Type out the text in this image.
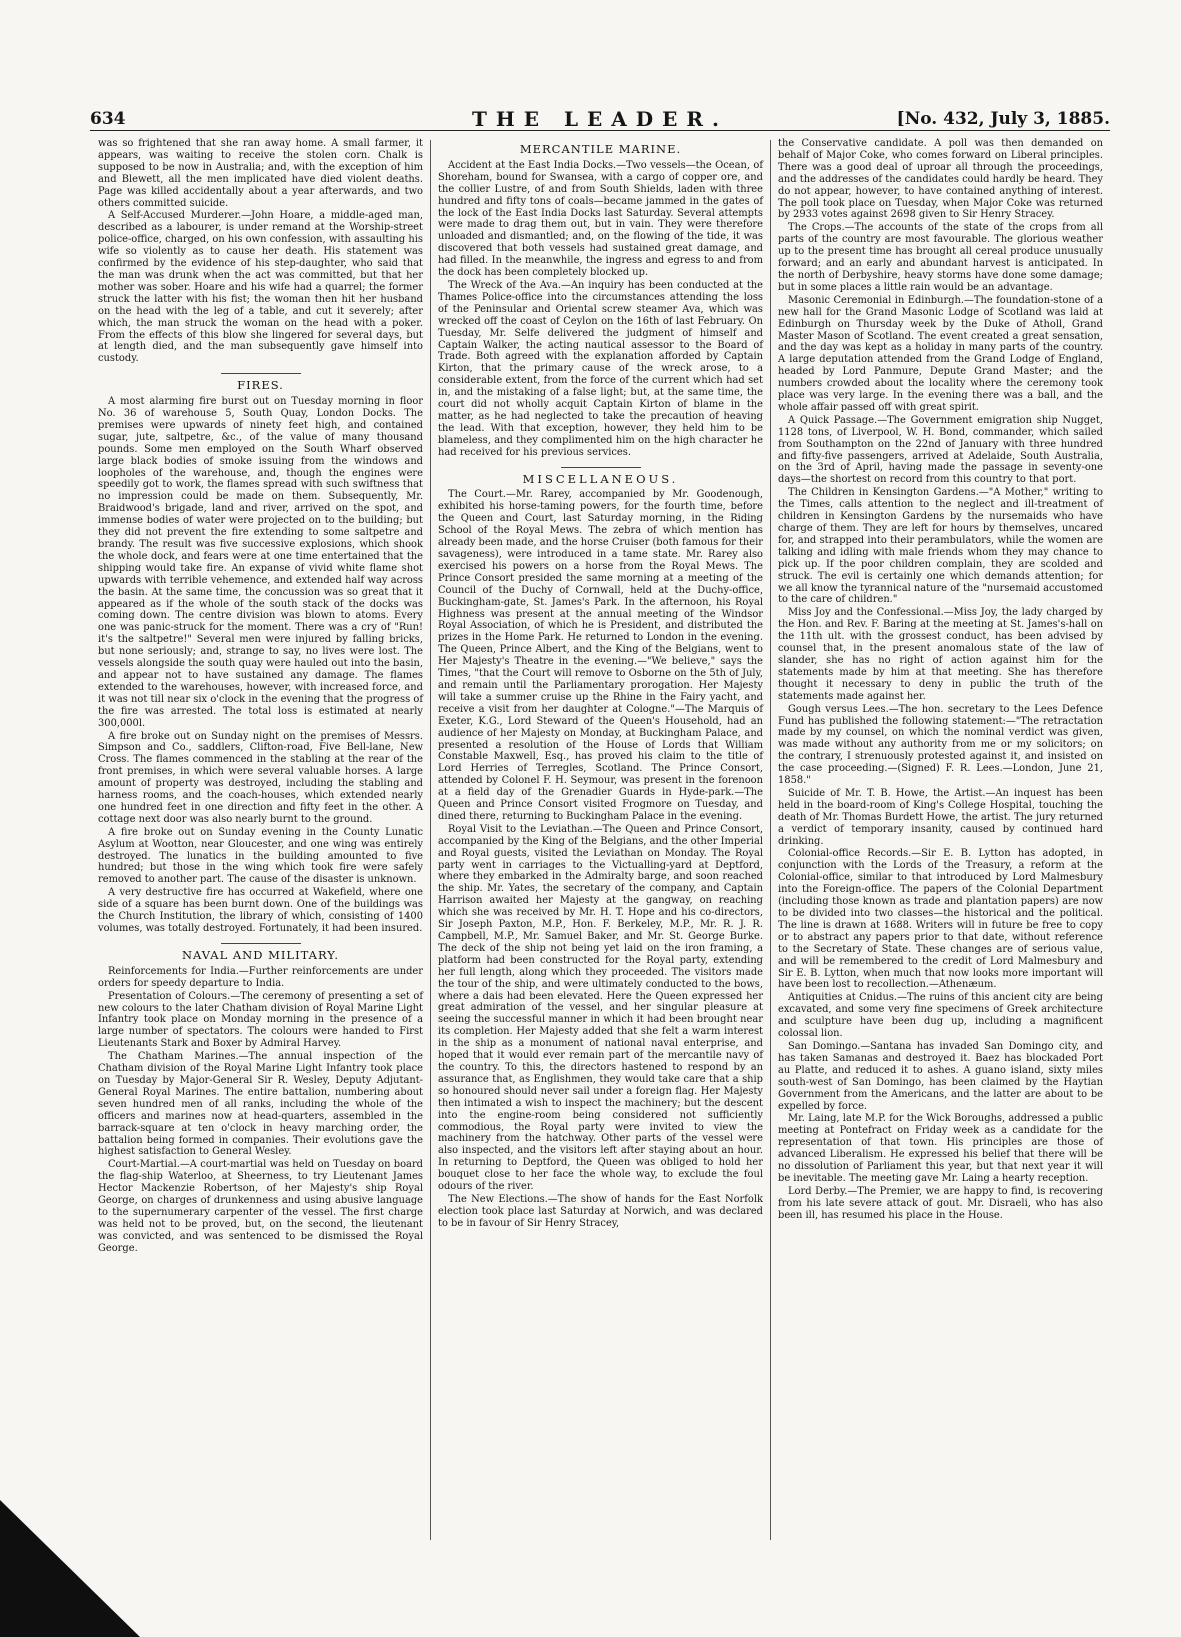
634	THE LEADER.	[No. 432, July 3, 1885.

was so frightened that she ran away home. A small farmer, it appears, was waiting to receive the stolen corn. Chalk is supposed to be now in Australia; and, with the exception of him and Blewett, all the men implicated have died violent deaths. Page was killed accidentally about a year afterwards, and two others committed suicide.

A Self-Accused Murderer.—John Hoare, a middle-aged man, described as a labourer, is under remand at the Worship-street police-office, charged, on his own confession, with assaulting his wife so violently as to cause her death. His statement was confirmed by the evidence of his step-daughter, who said that the man was drunk when the act was committed, but that her mother was sober. Hoare and his wife had a quarrel; the former struck the latter with his fist; the woman then hit her husband on the head with the leg of a table, and cut it severely; after which, the man struck the woman on the head with a poker. From the effects of this blow she lingered for several days, but at length died, and the man subsequently gave himself into custody.

FIRES.

A most alarming fire burst out on Tuesday morning in floor No. 36 of warehouse 5, South Quay, London Docks. The premises were upwards of ninety feet high, and contained sugar, jute, saltpetre, &c., of the value of many thousand pounds. Some men employed on the South Wharf observed large black bodies of smoke issuing from the windows and loopholes of the warehouse, and, though the engines were speedily got to work, the flames spread with such swiftness that no impression could be made on them. Subsequently, Mr. Braidwood's brigade, land and river, arrived on the spot, and immense bodies of water were projected on to the building; but they did not prevent the fire extending to some saltpetre and brandy. The result was five successive explosions, which shook the whole dock, and fears were at one time entertained that the shipping would take fire. An expanse of vivid white flame shot upwards with terrible vehemence, and extended half way across the basin. At the same time, the concussion was so great that it appeared as if the whole of the south stack of the docks was coming down. The centre division was blown to atoms. Every one was panic-struck for the moment. There was a cry of "Run! it's the saltpetre!" Several men were injured by falling bricks, but none seriously; and, strange to say, no lives were lost. The vessels alongside the south quay were hauled out into the basin, and appear not to have sustained any damage. The flames extended to the warehouses, however, with increased force, and it was not till near six o'clock in the evening that the progress of the fire was arrested. The total loss is estimated at nearly 300,000l.

A fire broke out on Sunday night on the premises of Messrs. Simpson and Co., saddlers, Clifton-road, Five Bell-lane, New Cross. The flames commenced in the stabling at the rear of the front premises, in which were several valuable horses. A large amount of property was destroyed, including the stabling and harness rooms, and the coach-houses, which extended nearly one hundred feet in one direction and fifty feet in the other. A cottage next door was also nearly burnt to the ground.

A fire broke out on Sunday evening in the County Lunatic Asylum at Wootton, near Gloucester, and one wing was entirely destroyed. The lunatics in the building amounted to five hundred; but those in the wing which took fire were safely removed to another part. The cause of the disaster is unknown.

A very destructive fire has occurred at Wakefield, where one side of a square has been burnt down. One of the buildings was the Church Institution, the library of which, consisting of 1400 volumes, was totally destroyed. Fortunately, it had been insured.

NAVAL AND MILITARY.

Reinforcements for India.—Further reinforcements are under orders for speedy departure to India.

Presentation of Colours.—The ceremony of presenting a set of new colours to the later Chatham division of Royal Marine Light Infantry took place on Monday morning in the presence of a large number of spectators. The colours were handed to First Lieutenants Stark and Boxer by Admiral Harvey.

The Chatham Marines.—The annual inspection of the Chatham division of the Royal Marine Light Infantry took place on Tuesday by Major-General Sir R. Wesley, Deputy Adjutant-General Royal Marines. The entire battalion, numbering about seven hundred men of all ranks, including the whole of the officers and marines now at head-quarters, assembled in the barrack-square at ten o'clock in heavy marching order, the battalion being formed in companies. Their evolutions gave the highest satisfaction to General Wesley.

Court-Martial.—A court-martial was held on Tuesday on board the flag-ship Waterloo, at Sheerness, to try Lieutenant James Hector Mackenzie Robertson, of her Majesty's ship Royal George, on charges of drunkenness and using abusive language to the supernumerary carpenter of the vessel. The first charge was held not to be proved, but, on the second, the lieutenant was convicted, and was sentenced to be dismissed the Royal George.

MERCANTILE MARINE.

Accident at the East India Docks.—Two vessels—the Ocean, of Shoreham, bound for Swansea, with a cargo of copper ore, and the collier Lustre, of and from South Shields, laden with three hundred and fifty tons of coals—became jammed in the gates of the lock of the East India Docks last Saturday. Several attempts were made to drag them out, but in vain. They were therefore unloaded and dismantled; and, on the flowing of the tide, it was discovered that both vessels had sustained great damage, and had filled. In the meanwhile, the ingress and egress to and from the dock has been completely blocked up.

The Wreck of the Ava.—An inquiry has been conducted at the Thames Police-office into the circumstances attending the loss of the Peninsular and Oriental screw steamer Ava, which was wrecked off the coast of Ceylon on the 16th of last February. On Tuesday, Mr. Selfe delivered the judgment of himself and Captain Walker, the acting nautical assessor to the Board of Trade. Both agreed with the explanation afforded by Captain Kirton, that the primary cause of the wreck arose, to a considerable extent, from the force of the current which had set in, and the mistaking of a false light; but, at the same time, the court did not wholly acquit Captain Kirton of blame in the matter, as he had neglected to take the precaution of heaving the lead. With that exception, however, they held him to be blameless, and they complimented him on the high character he had received for his previous services.

MISCELLANEOUS.

The Court.—Mr. Rarey, accompanied by Mr. Goodenough, exhibited his horse-taming powers, for the fourth time, before the Queen and Court, last Saturday morning, in the Riding School of the Royal Mews. The zebra of which mention has already been made, and the horse Cruiser (both famous for their savageness), were introduced in a tame state. Mr. Rarey also exercised his powers on a horse from the Royal Mews. The Prince Consort presided the same morning at a meeting of the Council of the Duchy of Cornwall, held at the Duchy-office, Buckingham-gate, St. James's Park. In the afternoon, his Royal Highness was present at the annual meeting of the Windsor Royal Association, of which he is President, and distributed the prizes in the Home Park. He returned to London in the evening. The Queen, Prince Albert, and the King of the Belgians, went to Her Majesty's Theatre in the evening.—"We believe," says the Times, "that the Court will remove to Osborne on the 5th of July, and remain until the Parliamentary prorogation. Her Majesty will take a summer cruise up the Rhine in the Fairy yacht, and receive a visit from her daughter at Cologne."—The Marquis of Exeter, K.G., Lord Steward of the Queen's Household, had an audience of her Majesty on Monday, at Buckingham Palace, and presented a resolution of the House of Lords that William Constable Maxwell, Esq., has proved his claim to the title of Lord Herries of Terregles, Scotland. The Prince Consort, attended by Colonel F. H. Seymour, was present in the forenoon at a field day of the Grenadier Guards in Hyde-park.—The Queen and Prince Consort visited Frogmore on Tuesday, and dined there, returning to Buckingham Palace in the evening.

Royal Visit to the Leviathan.—The Queen and Prince Consort, accompanied by the King of the Belgians, and the other Imperial and Royal guests, visited the Leviathan on Monday. The Royal party went in carriages to the Victualling-yard at Deptford, where they embarked in the Admiralty barge, and soon reached the ship. Mr. Yates, the secretary of the company, and Captain Harrison awaited her Majesty at the gangway, on reaching which she was received by Mr. H. T. Hope and his co-directors, Sir Joseph Paxton, M.P., Hon. F. Berkeley, M.P., Mr. R. J. R. Campbell, M.P., Mr. Samuel Baker, and Mr. St. George Burke. The deck of the ship not being yet laid on the iron framing, a platform had been constructed for the Royal party, extending her full length, along which they proceeded. The visitors made the tour of the ship, and were ultimately conducted to the bows, where a dais had been elevated. Here the Queen expressed her great admiration of the vessel, and her singular pleasure at seeing the successful manner in which it had been brought near its completion. Her Majesty added that she felt a warm interest in the ship as a monument of national naval enterprise, and hoped that it would ever remain part of the mercantile navy of the country. To this, the directors hastened to respond by an assurance that, as Englishmen, they would take care that a ship so honoured should never sail under a foreign flag. Her Majesty then intimated a wish to inspect the machinery; but the descent into the engine-room being considered not sufficiently commodious, the Royal party were invited to view the machinery from the hatchway. Other parts of the vessel were also inspected, and the visitors left after staying about an hour. In returning to Deptford, the Queen was obliged to hold her bouquet close to her face the whole way, to exclude the foul odours of the river.

The New Elections.—The show of hands for the East Norfolk election took place last Saturday at Norwich, and was declared to be in favour of Sir Henry Stracey,

the Conservative candidate. A poll was then demanded on behalf of Major Coke, who comes forward on Liberal principles. There was a good deal of uproar all through the proceedings, and the addresses of the candidates could hardly be heard. They do not appear, however, to have contained anything of interest. The poll took place on Tuesday, when Major Coke was returned by 2933 votes against 2698 given to Sir Henry Stracey.

The Crops.—The accounts of the state of the crops from all parts of the country are most favourable. The glorious weather up to the present time has brought all cereal produce unusually forward; and an early and abundant harvest is anticipated. In the north of Derbyshire, heavy storms have done some damage; but in some places a little rain would be an advantage.

Masonic Ceremonial in Edinburgh.—The foundation-stone of a new hall for the Grand Masonic Lodge of Scotland was laid at Edinburgh on Thursday week by the Duke of Atholl, Grand Master Mason of Scotland. The event created a great sensation, and the day was kept as a holiday in many parts of the country. A large deputation attended from the Grand Lodge of England, headed by Lord Panmure, Depute Grand Master; and the numbers crowded about the locality where the ceremony took place was very large. In the evening there was a ball, and the whole affair passed off with great spirit.

A Quick Passage.—The Government emigration ship Nugget, 1128 tons, of Liverpool, W. H. Bond, commander, which sailed from Southampton on the 22nd of January with three hundred and fifty-five passengers, arrived at Adelaide, South Australia, on the 3rd of April, having made the passage in seventy-one days—the shortest on record from this country to that port.

The Children in Kensington Gardens.—"A Mother," writing to the Times, calls attention to the neglect and ill-treatment of children in Kensington Gardens by the nursemaids who have charge of them. They are left for hours by themselves, uncared for, and strapped into their perambulators, while the women are talking and idling with male friends whom they may chance to pick up. If the poor children complain, they are scolded and struck. The evil is certainly one which demands attention; for we all know the tyrannical nature of the "nursemaid accustomed to the care of children."

Miss Joy and the Confessional.—Miss Joy, the lady charged by the Hon. and Rev. F. Baring at the meeting at St. James's-hall on the 11th ult. with the grossest conduct, has been advised by counsel that, in the present anomalous state of the law of slander, she has no right of action against him for the statements made by him at that meeting. She has therefore thought it necessary to deny in public the truth of the statements made against her.

Gough versus Lees.—The hon. secretary to the Lees Defence Fund has published the following statement:—"The retractation made by my counsel, on which the nominal verdict was given, was made without any authority from me or my solicitors; on the contrary, I strenuously protested against it, and insisted on the case proceeding.—(Signed) F. R. Lees.—London, June 21, 1858."

Suicide of Mr. T. B. Howe, the Artist.—An inquest has been held in the board-room of King's College Hospital, touching the death of Mr. Thomas Burdett Howe, the artist. The jury returned a verdict of temporary insanity, caused by continued hard drinking.

Colonial-office Records.—Sir E. B. Lytton has adopted, in conjunction with the Lords of the Treasury, a reform at the Colonial-office, similar to that introduced by Lord Malmesbury into the Foreign-office. The papers of the Colonial Department (including those known as trade and plantation papers) are now to be divided into two classes—the historical and the political. The line is drawn at 1688. Writers will in future be free to copy or to abstract any papers prior to that date, without reference to the Secretary of State. These changes are of serious value, and will be remembered to the credit of Lord Malmesbury and Sir E. B. Lytton, when much that now looks more important will have been lost to recollection.—Athenæum.

Antiquities at Cnidus.—The ruins of this ancient city are being excavated, and some very fine specimens of Greek architecture and sculpture have been dug up, including a magnificent colossal lion.

San Domingo.—Santana has invaded San Domingo city, and has taken Samanas and destroyed it. Baez has blockaded Port au Platte, and reduced it to ashes. A guano island, sixty miles south-west of San Domingo, has been claimed by the Haytian Government from the Americans, and the latter are about to be expelled by force.

Mr. Laing, late M.P. for the Wick Boroughs, addressed a public meeting at Pontefract on Friday week as a candidate for the representation of that town. His principles are those of advanced Liberalism. He expressed his belief that there will be no dissolution of Parliament this year, but that next year it will be inevitable. The meeting gave Mr. Laing a hearty reception.

Lord Derby.—The Premier, we are happy to find, is recovering from his late severe attack of gout. Mr. Disraeli, who has also been ill, has resumed his place in the House.
